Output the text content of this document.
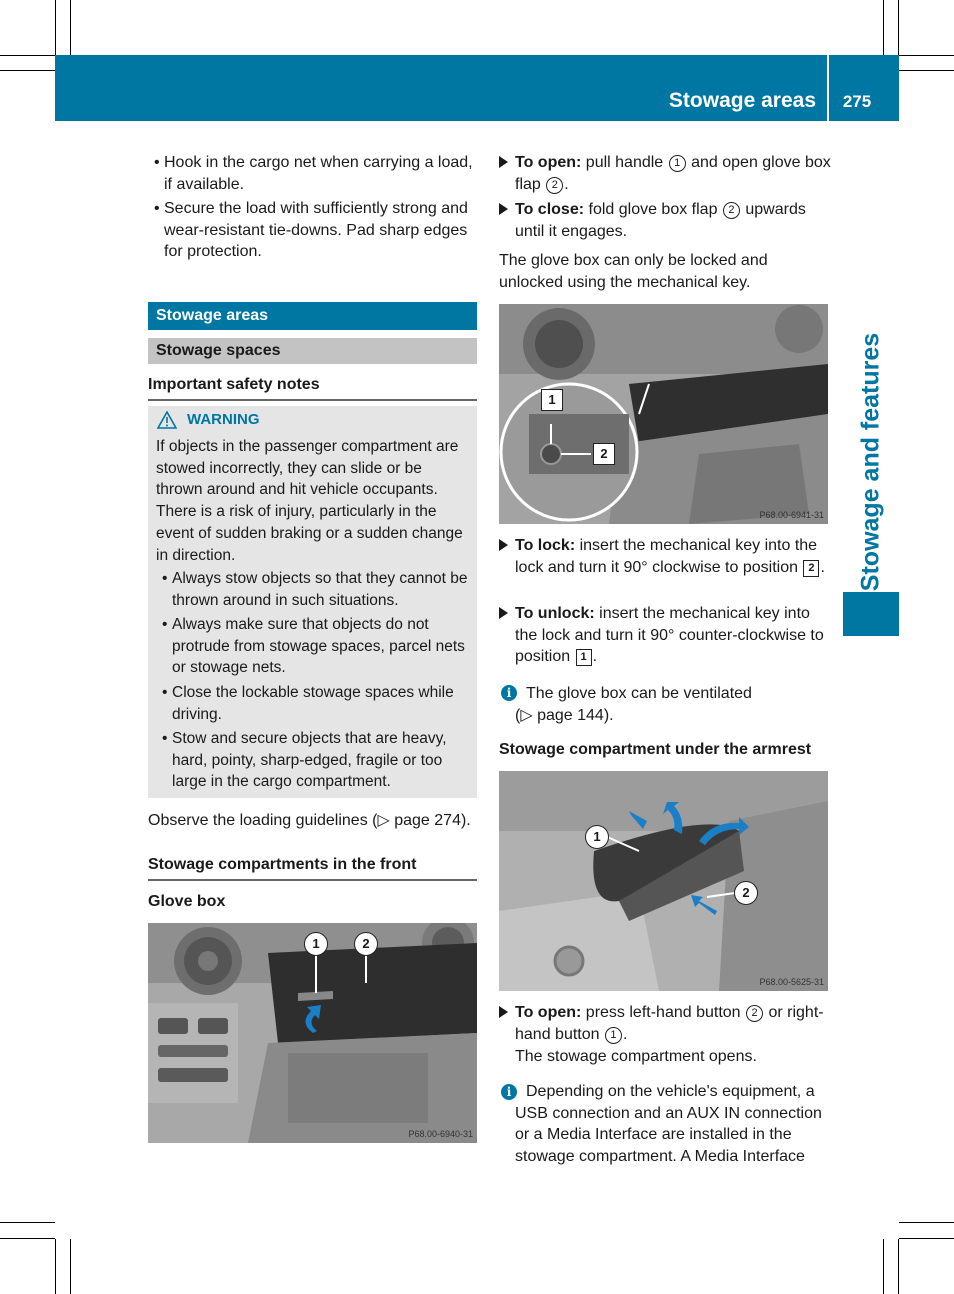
Stowage areas	275
Stowage and features
• Hook in the cargo net when carrying a load, if available.
• Secure the load with sufficiently strong and wear-resistant tie-downs. Pad sharp edges for protection.
Stowage areas
Stowage spaces
Important safety notes
WARNING
If objects in the passenger compartment are stowed incorrectly, they can slide or be thrown around and hit vehicle occupants. There is a risk of injury, particularly in the event of sudden braking or a sudden change in direction.
• Always stow objects so that they cannot be thrown around in such situations.
• Always make sure that objects do not protrude from stowage spaces, parcel nets or stowage nets.
• Close the lockable stowage spaces while driving.
• Stow and secure objects that are heavy, hard, pointy, sharp-edged, fragile or too large in the cargo compartment.
Observe the loading guidelines (▷ page 274).
Stowage compartments in the front
Glove box
1	2
P68.00-6940-31
To open: pull handle 1 and open glove box flap 2 .
To close: fold glove box flap 2 upwards until it engages.
The glove box can only be locked and unlocked using the mechanical key.
1
2
P68.00-6941-31
To lock: insert the mechanical key into the lock and turn it 90° clockwise to position 2 .
To unlock: insert the mechanical key into the lock and turn it 90° counter-clockwise to position 1 .
i The glove box can be ventilated
(▷ page 144).
Stowage compartment under the armrest
1
2
P68.00-5625-31
To open: press left-hand button 2 or right-hand button 1 .
The stowage compartment opens.
i Depending on the vehicle's equipment, a USB connection and an AUX IN connection or a Media Interface are installed in the stowage compartment. A Media Interface
